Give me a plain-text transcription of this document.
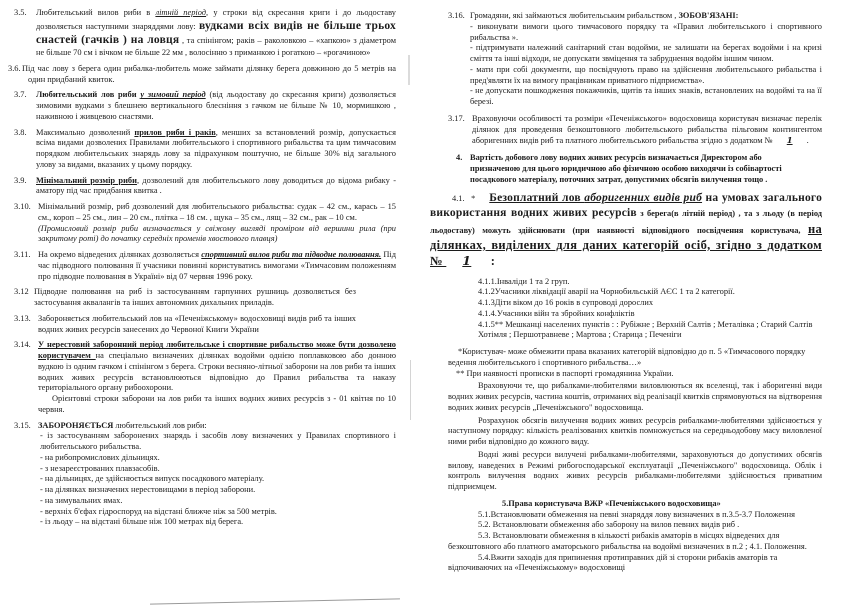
3.5. Любительський вилов риби в літній період, у строки від скресання криги і до льодоставу дозволяється наступними знаряддями лову: вудками всіх видів не більше трьох снастей (гачків ) на ловця , та спінінгом; раків – раколовкою – «хапкою» з діаметром не більше 70 см і вічком не більше 22 мм , волосінню з приманкою і рогаткою – «рогачиною»
3.6. Під час лову з берега один рибалка-любитель може займати ділянку берега довжиною до 5 метрів на один придбаний квиток.
3.7. Любительський лов риби у зимовий період (від льодоставу до скресання криги) дозволяється зимовими вудками з блешнею вертикального блеснiння з гачком не більше № 10, мормишкою , наживною і живцевою снастями.
3.8. Максимально дозволений прилов риби і раків, менших за встановлений розмір, допускається всіма видами дозволених Правилами любительського і спортивного рибальства та цим тимчасовим порядком любительських знарядь лову за підрахунком поштучно, не більше 30% від загального улову за видами, вказаних у цьому порядку.
3.9. Мінімальний розмір риби, дозволений для любительського лову доводиться до відома рибаку - аматору під час придбання квитка .
3.10. Мінімальний розмір, риб дозволений для любительського рибальства: судак – 42 см., карась – 15 см., короп – 25 см., лин – 20 см., плітка – 18 см. , щука – 35 см., лящ – 32 см., рак – 10 см.
(Промисловий розмір риби визначається у свіжому вигляді проміром від вершини рила (при закритому роті) до початку середніх променів хвостового плавця)
3.11. На окремо відведених ділянках дозволяється спортивний вилов риби та підводне полювання. Під час підводного полювання її учасники повинні користуватись вимогами «Тимчасовим положенням про підводне полювання в Україні» від 07 червня 1996 року.
3.12 Підводне полювання на риб із застосуванням гарпунних рушниць дозволяється без застосування аквалангів та інших автономних дихальних приладів.
3.13. Забороняється любительський лов на «Печеніжському» водосховищі видів риб та інших водних живих ресурсів занесених до Червоної Книги України
3.14. У нерестовий заборонний період любительське і спортивне рибальство може бути дозволено користувачем на спеціально визначених ділянках водойми однією поплавковою або донною вудкою із одним гачком і спінінгом з берега. Строки весняно-літньої заборони на лов риби та інших водних живих ресурсів встановлюються відповідно до Правил рибальства та наказу територіального органу рибоохорони.
Орієнтовні строки заборони на лов риби та інших водних живих ресурсів з - 01 квітня по 10 червня.
3.15. ЗАБОРОНЯЄТЬСЯ любительський лов риби:
- із застосуванням заборонених знарядь і засобів лову визначених у Правилах спортивного і любительського рибальства.
- на рибопромислових дільницях.
- з незареєстрованих плавзасобів.
- на дільницях, де здійснюється випуск посадкового матеріалу.
- на ділянках визначених нерестовищами в період заборони.
- на зимувальних ямах.
- верхніх б'єфах гідроспоруд на відстані ближче ніж за 500 метрів.
- із льоду – на відстані більше ніж 100 метрах від берега.
3.16. Громадяни, які займаються любительським рибальством , ЗОБОВ'ЯЗАНІ:
- виконувати вимоги цього тимчасового порядку та «Правил любительського і спортивного рибальства ».
- підтримувати належний санітарний стан водойми, не залишати на берегах водойми і на кризі сміття та інші відходи, не допускати звміцення та забруднення водойм іншим чином.
- мати при собі документи, що посвідчують право на здійснення любительського рибальства і пред'являти їх на вимогу працівникам приватного підприємства».
- не допускати пошкодження покажчиків, щитів та інших знаків, встановлених на водоймі та на її березі.
3.17. Враховуючи особливості та розміри «Печеніжського» водосховища користувач визначає перелік ділянок для проведення безкоштовного любительського рибальства пільговим контингентом аборигенних видів риб та платного любительського рибальства згідно з додатком № 1 .
4. Вартість добового лову водних живих ресурсів визначається Директором або призначеною для цього юридичною або фізичною особою виходячи із собівартості посадкового матеріалу, поточних затрат, допустимих обсягів вилучення тощо .
4.1. * Безоплатний лов аборигенних видів риб на умовах загального використання водних живих ресурсів з берега(в літній період) , та з льоду (в період льодоставу) можуть здійснювати (при наявності відповідного посвідчення користувача, на ділянках, виділених для даних категорій осіб, згідно з додатком № 1 :
4.1.1.Інваліди 1 та 2 груп.
4.1.2Учасники ліквідації аварії на Чорнобильській АЄС 1 та 2 категорії.
4.1.3Діти віком до 16 років в супроводі дорослих
4.1.4.Учасники війн та збройних конфліктів
4.1.5** Мешканці населених пунктів : : Рубіжне ; Верхній Салтів ; Металівка ; Старий Салтів Хотімля ; Першотравневе ; Мартова ; Старица ; Печеніги
*Користувач- може обмежити права вказаних категорій відповідно до п. 5 «Тимчасового порядку ведення любительського і спортивного рибальства…»
** При наявності прописки в паспорті громадянина України.
Враховуючи те, що рибалками-любителями виловлюються як вселенці, так і аборигенні види водних живих ресурсів, частина коштів, отриманих від реалізації квитків спрямовуються на відтворення водних живих ресурсів „Печеніжського" водосховища.
Розрахунок обсягів вилучення водних живих ресурсів рибалками-любителями здійснюється у наступному порядку: кількість реалізованих квитків помножується на середньодобову масу виловленої ними риби відповідно до кожного виду.
Водні живі ресурси вилучені рибалками-любителями, зараховуються до допустимих обсягів вилову, наведених в Режимі рибогосподарської експлуатації „Печеніжського" водосховища. Облік і контроль вилучення водних живих ресурсів рибалками-любителями здійснюється приватним підприємцем.
5.Права користувача ВЖР «Печеніжського водосховища»
5.1.Встановлювати обмеження на певні знаряддя лову визначених в п.3.5-3.7 Положення
5.2. Встановлювати обмеження або заборону на вилов певних видів риб .
5.3. Встановлювати обмеження в кількості рибаків аматорів в місцях відведених для безкоштовного або платного аматорського рибальства на водоймі визначених в п.2 ; 4.1. Положення.
5.4.Вжити заходів для припинення протиправних дій зі сторони рибаків аматорів та відпочиваючих на «Печеніжському» водосховищі
